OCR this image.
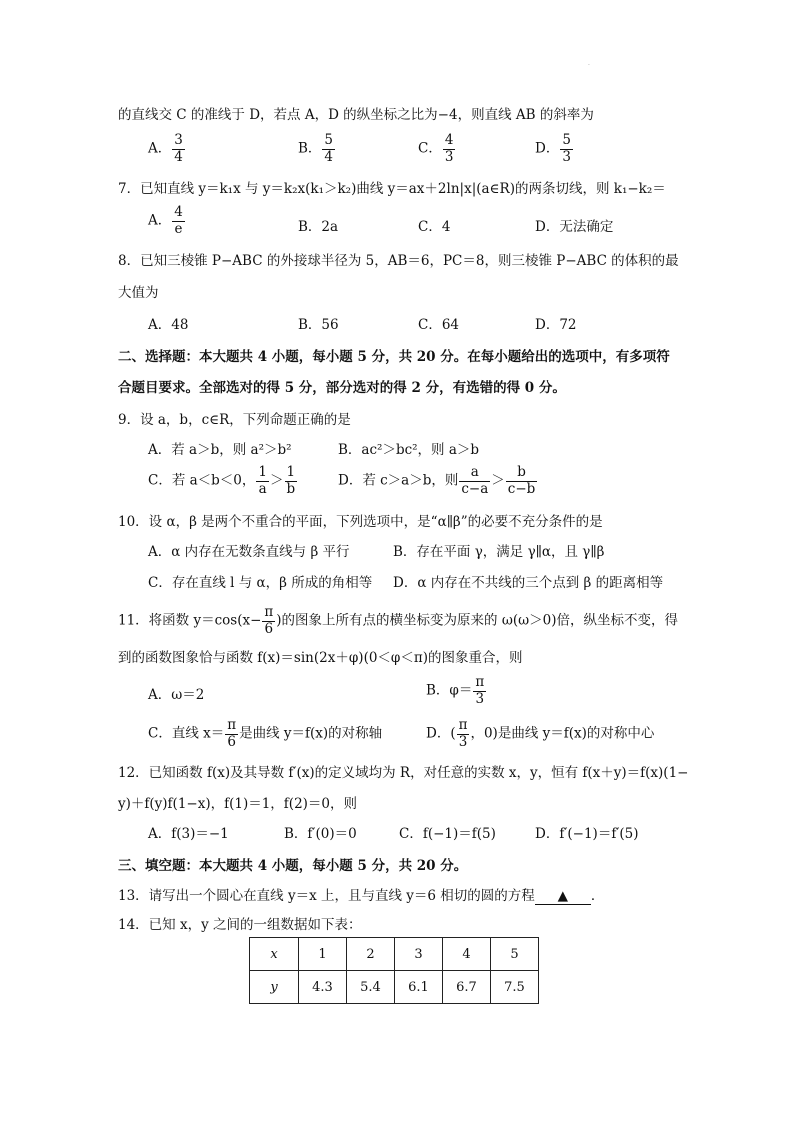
·
的直线交 C 的准线于 D，若点 A，D 的纵坐标之比为−4，则直线 AB 的斜率为
A． $\frac{3}{4}$	B． $\frac{5}{4}$	C． $\frac{4}{3}$	D． $\frac{5}{3}$
7．已知直线 y＝k₁x 与 y＝k₂x(k₁＞k₂)曲线 y＝ax＋2ln|x|(a∈R)的两条切线，则 k₁−k₂＝
A． $\frac{4}{e}$	B．2a	C．4	D．无法确定
8．已知三棱锥 P−ABC 的外接球半径为 5，AB＝6，PC＝8，则三棱锥 P−ABC 的体积的最
大值为
A．48	B．56	C．64	D．72
二、选择题：本大题共 4 小题，每小题 5 分，共 20 分。在每小题给出的选项中，有多项符
合题目要求。全部选对的得 5 分，部分选对的得 2 分，有选错的得 0 分。
9．设 a，b，c∈R，下列命题正确的是
A．若 a＞b，则 a²＞b²	B．ac²＞bc²，则 a＞b
C．若 a＜b＜0， $\frac{1}{a} > \frac{1}{b}$	D．若 c＞a＞b，则 $\frac{a}{c-a} > \frac{b}{c-b}$
10．设 α，β 是两个不重合的平面，下列选项中，是“α∥β”的必要不充分条件的是
A．α 内存在无数条直线与 β 平行	B．存在平面 γ，满足 γ∥α，且 γ∥β
C．存在直线 l 与 α，β 所成的角相等 D．α 内存在不共线的三个点到 β 的距离相等
11．将函数 $y=\cos(x- \frac{\pi}{6}$ )的图象上所有点的横坐标变为原来的 ω(ω＞0)倍，纵坐标不变，得
到的函数图象恰与函数 f(x)＝sin(2x＋φ)(0＜φ＜π)的图象重合，则
A．ω＝2	B．$\varphi= \frac{\pi}{3}$
C．直线 $x= \frac{\pi}{6}$ 是曲线 y＝f(x)的对称轴	D．( $\frac{\pi}{3}$ ，0)是曲线 y＝f(x)的对称中心
12．已知函数 f(x)及其导数 f′(x)的定义域均为 R，对任意的实数 x，y，恒有 f(x＋y)＝f(x)(1−
y)＋f(y)f(1−x)，f(1)＝1，f(2)＝0，则
A．f(3)＝−1	B．f′(0)＝0	C．f(−1)＝f(5)	D．f′(−1)＝f′(5)
三、填空题：本大题共 4 小题，每小题 5 分，共 20 分。
13．请写出一个圆心在直线 y＝x 上，且与直线 y＝6 相切的圆的方程 ▲ ．
14．已知 x，y 之间的一组数据如下表：
x	1	2	3	4	5
y	4.3	5.4	6.1	6.7	7.5
